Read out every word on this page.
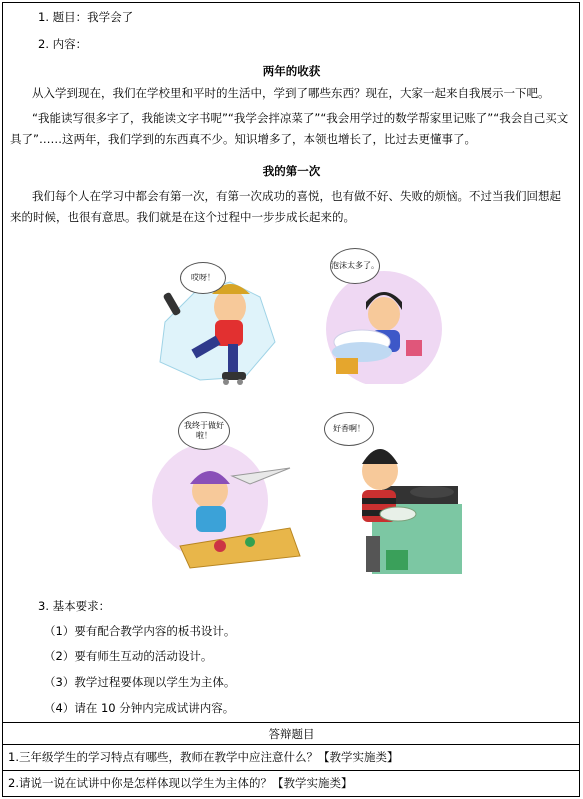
1. 题目：我学会了
2. 内容：
两年的收获
从入学到现在，我们在学校里和平时的生活中，学到了哪些东西？现在，大家一起来自我展示一下吧。
“我能读写很多字了，我能读文字书呢”“我学会拌凉菜了”“我会用学过的数学帮家里记账了”“我会自己买文具了”……这两年，我们学到的东西真不少。知识增多了，本领也增长了，比过去更懂事了。
我的第一次
我们每个人在学习中都会有第一次，有第一次成功的喜悦，也有做不好、失败的烦恼。不过当我们回想起来的时候，也很有意思。我们就是在这个过程中一步步成长起来的。
哎呀！
泡沫太多了。
我终于做好啦！
好香啊！
3. 基本要求：
（1）要有配合教学内容的板书设计。
（2）要有师生互动的活动设计。
（3）教学过程要体现以学生为主体。
（4）请在 10 分钟内完成试讲内容。
答辩题目
1.三年级学生的学习特点有哪些，教师在教学中应注意什么？【教学实施类】
2.请说一说在试讲中你是怎样体现以学生为主体的？【教学实施类】
